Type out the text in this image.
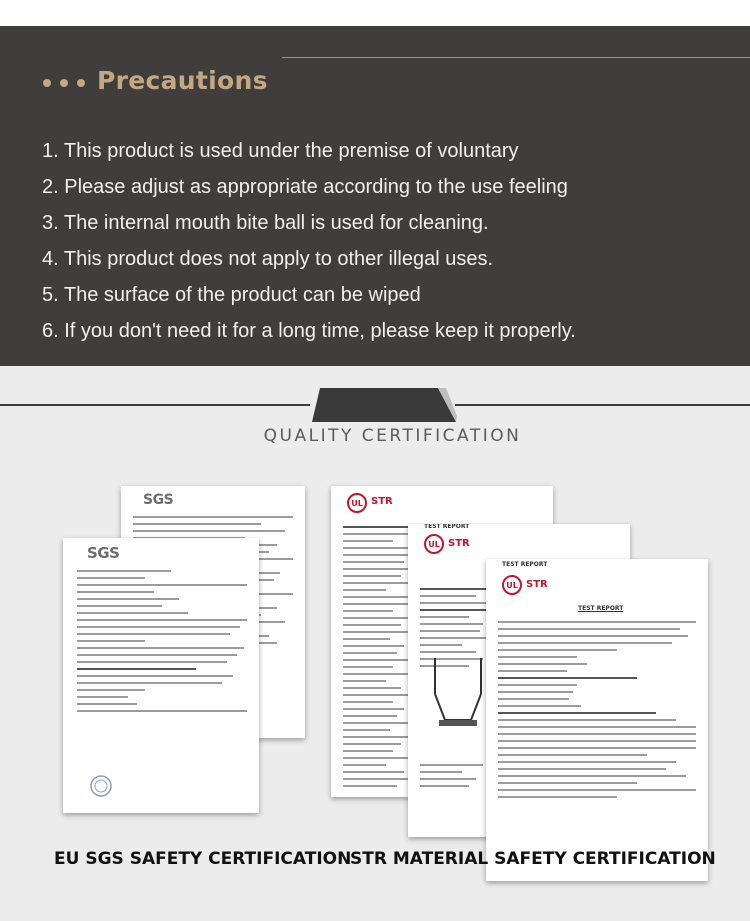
Precautions
1. This product is used under the premise of voluntary
2. Please adjust as appropriate according to the use feeling
3. The internal mouth bite ball is used for cleaning.
4. This product does not apply to other illegal uses.
5. The surface of the product can be wiped
6. If you don't need it for a long time, please keep it properly.
QUALITY CERTIFICATION
SGS
SGS
UL STR
TEST REPORT
UL STR
TEST REPORT
UL STR
TEST REPORT
EU SGS SAFETY CERTIFICATION
STR MATERIAL SAFETY CERTIFICATION
